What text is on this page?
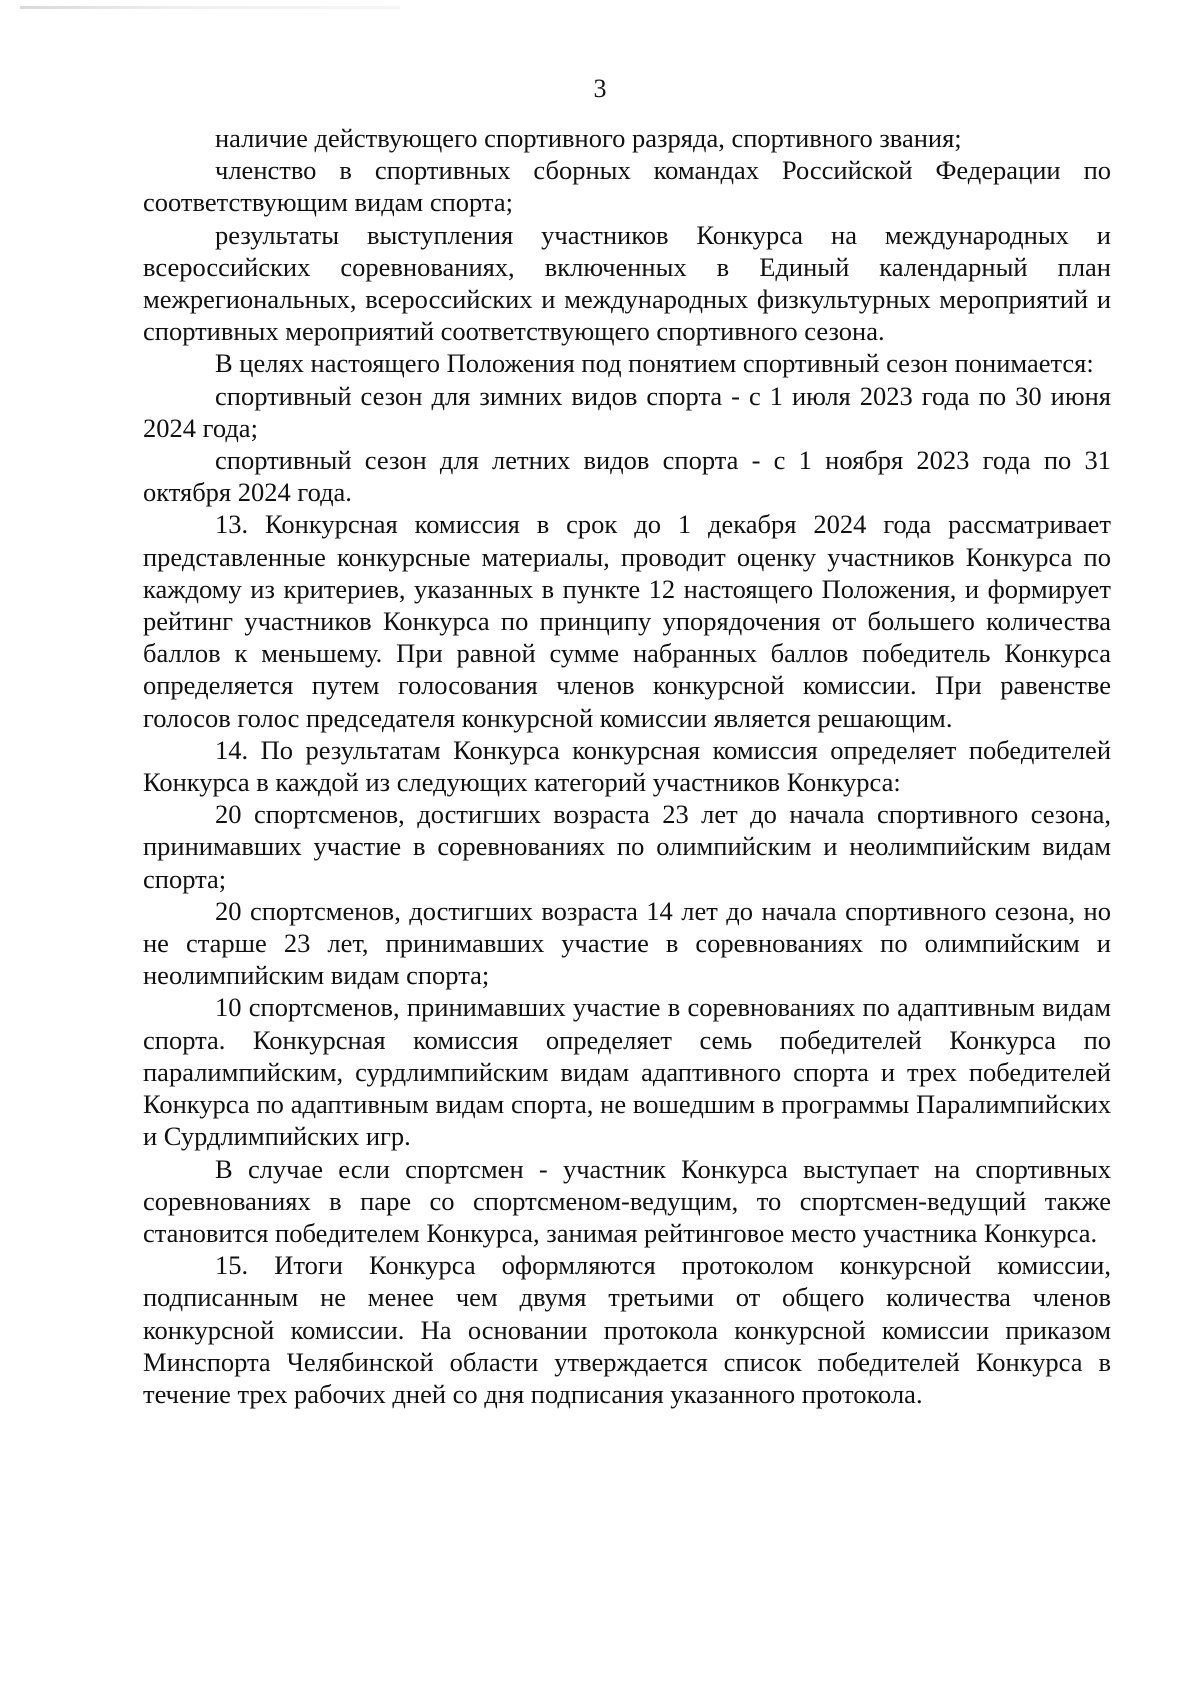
3

наличие действующего спортивного разряда, спортивного звания;

членство в спортивных сборных командах Российской Федерации по соответствующим видам спорта;

результаты выступления участников Конкурса на международных и всероссийских соревнованиях, включенных в Единый календарный план межрегиональных, всероссийских и международных физкультурных мероприятий и спортивных мероприятий соответствующего спортивного сезона.

В целях настоящего Положения под понятием спортивный сезон понимается:

спортивный сезон для зимних видов спорта - с 1 июля 2023 года по 30 июня 2024 года;

спортивный сезон для летних видов спорта - с 1 ноября 2023 года по 31 октября 2024 года.

13. Конкурсная комиссия в срок до 1 декабря 2024 года рассматривает представленные конкурсные материалы, проводит оценку участников Конкурса по каждому из критериев, указанных в пункте 12 настоящего Положения, и формирует рейтинг участников Конкурса по принципу упорядочения от большего количества баллов к меньшему. При равной сумме набранных баллов победитель Конкурса определяется путем голосования членов конкурсной комиссии. При равенстве голосов голос председателя конкурсной комиссии является решающим.

14. По результатам Конкурса конкурсная комиссия определяет победителей Конкурса в каждой из следующих категорий участников Конкурса:

20 спортсменов, достигших возраста 23 лет до начала спортивного сезона, принимавших участие в соревнованиях по олимпийским и неолимпийским видам спорта;

20 спортсменов, достигших возраста 14 лет до начала спортивного сезона, но не старше 23 лет, принимавших участие в соревнованиях по олимпийским и неолимпийским видам спорта;

10 спортсменов, принимавших участие в соревнованиях по адаптивным видам спорта. Конкурсная комиссия определяет семь победителей Конкурса по паралимпийским, сурдлимпийским видам адаптивного спорта и трех победителей Конкурса по адаптивным видам спорта, не вошедшим в программы Паралимпийских и Сурдлимпийских игр.

В случае если спортсмен - участник Конкурса выступает на спортивных соревнованиях в паре со спортсменом-ведущим, то спортсмен-ведущий также становится победителем Конкурса, занимая рейтинговое место участника Конкурса.

15. Итоги Конкурса оформляются протоколом конкурсной комиссии, подписанным не менее чем двумя третьими от общего количества членов конкурсной комиссии. На основании протокола конкурсной комиссии приказом Минспорта Челябинской области утверждается список победителей Конкурса в течение трех рабочих дней со дня подписания указанного протокола.
